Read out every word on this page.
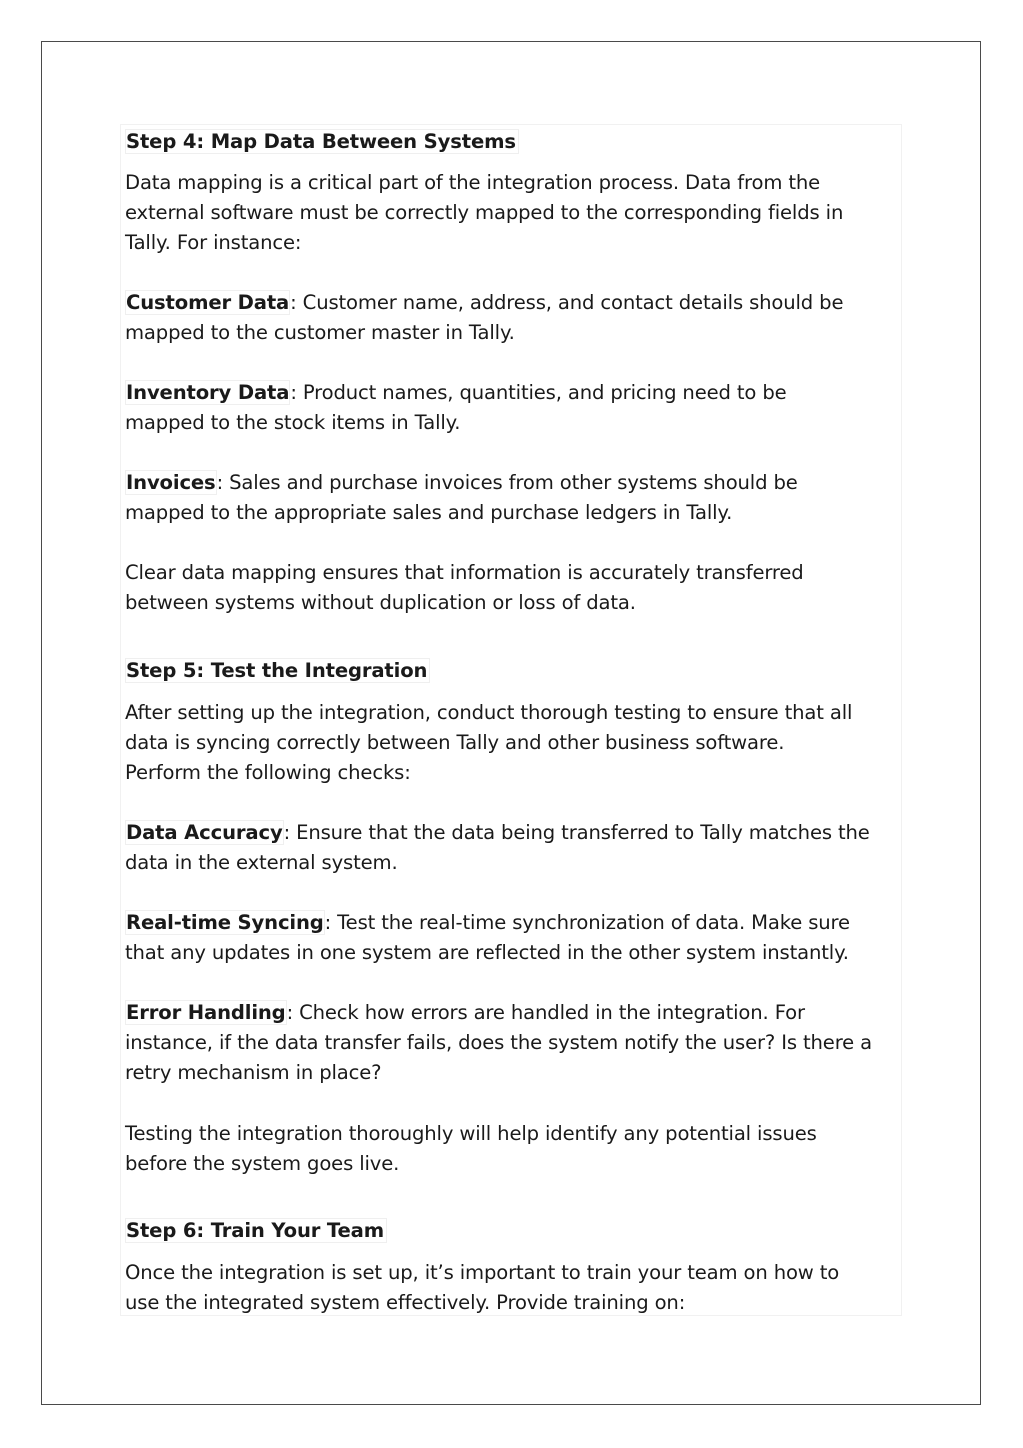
Step 4: Map Data Between Systems

Data mapping is a critical part of the integration process. Data from the
external software must be correctly mapped to the corresponding fields in
Tally. For instance:

Customer Data: Customer name, address, and contact details should be
mapped to the customer master in Tally.

Inventory Data: Product names, quantities, and pricing need to be
mapped to the stock items in Tally.

Invoices: Sales and purchase invoices from other systems should be
mapped to the appropriate sales and purchase ledgers in Tally.

Clear data mapping ensures that information is accurately transferred
between systems without duplication or loss of data.

Step 5: Test the Integration

After setting up the integration, conduct thorough testing to ensure that all
data is syncing correctly between Tally and other business software.
Perform the following checks:

Data Accuracy: Ensure that the data being transferred to Tally matches the
data in the external system.

Real-time Syncing: Test the real-time synchronization of data. Make sure
that any updates in one system are reflected in the other system instantly.

Error Handling: Check how errors are handled in the integration. For
instance, if the data transfer fails, does the system notify the user? Is there a
retry mechanism in place?

Testing the integration thoroughly will help identify any potential issues
before the system goes live.

Step 6: Train Your Team

Once the integration is set up, it’s important to train your team on how to
use the integrated system effectively. Provide training on:
